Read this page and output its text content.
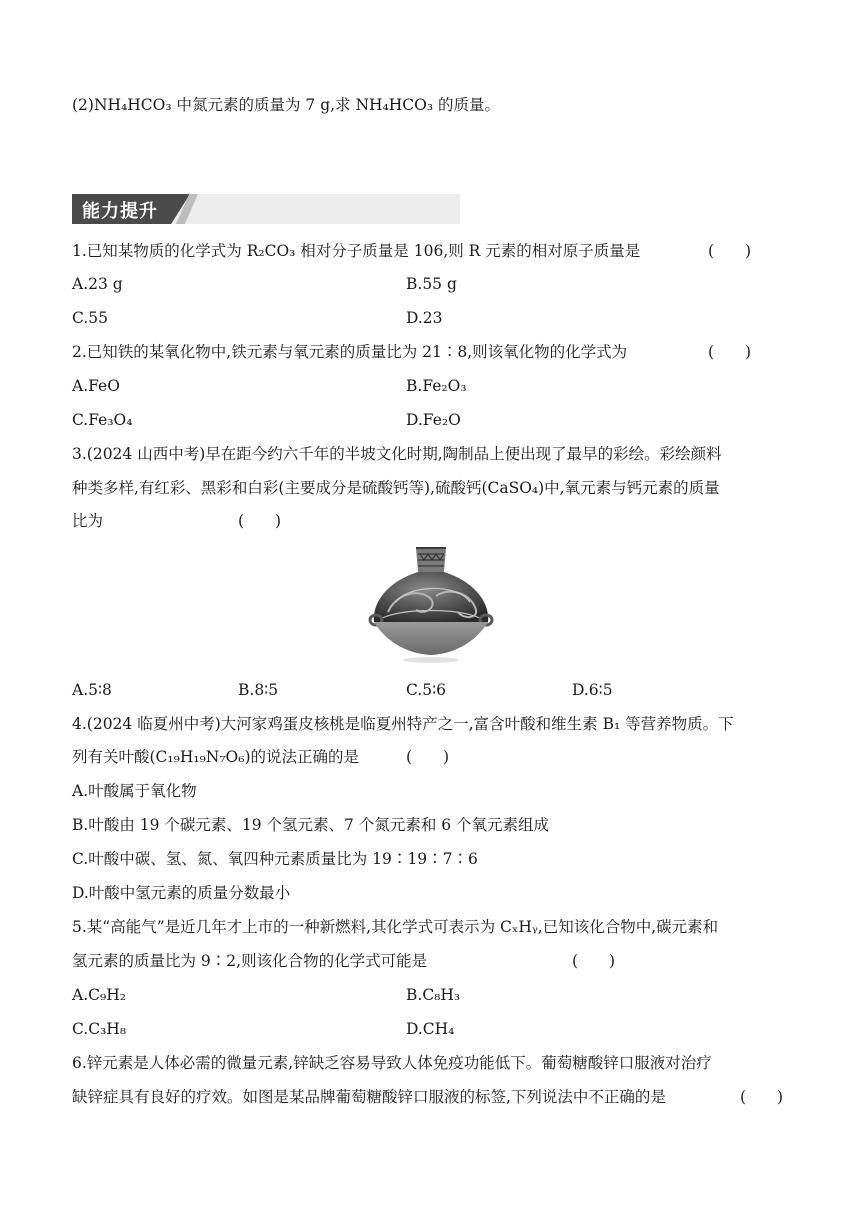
(2)NH₄HCO₃ 中氮元素的质量为 7 g,求 NH₄HCO₃ 的质量。
能力提升
1.已知某物质的化学式为 R₂CO₃ 相对分子质量是 106,则 R 元素的相对原子质量是	(　　)
A.23 g	B.55 g
C.55	D.23
2.已知铁的某氧化物中,铁元素与氧元素的质量比为 21∶8,则该氧化物的化学式为	(　　)
A.FeO	B.Fe₂O₃
C.Fe₃O₄	D.Fe₂O
3.(2024 山西中考)早在距今约六千年的半坡文化时期,陶制品上便出现了最早的彩绘。彩绘颜料
种类多样,有红彩、黑彩和白彩(主要成分是硫酸钙等),硫酸钙(CaSO₄)中,氧元素与钙元素的质量
比为	(　　)
A.5∶8	B.8∶5	C.5∶6	D.6∶5
4.(2024 临夏州中考)大河家鸡蛋皮核桃是临夏州特产之一,富含叶酸和维生素 B₁ 等营养物质。下
列有关叶酸(C₁₉H₁₉N₇O₆)的说法正确的是	(　　)
A.叶酸属于氧化物
B.叶酸由 19 个碳元素、19 个氢元素、7 个氮元素和 6 个氧元素组成
C.叶酸中碳、氢、氮、氧四种元素质量比为 19∶19∶7∶6
D.叶酸中氢元素的质量分数最小
5.某“高能气”是近几年才上市的一种新燃料,其化学式可表示为 CₓHᵧ,已知该化合物中,碳元素和
氢元素的质量比为 9∶2,则该化合物的化学式可能是	(　　)
A.C₉H₂	B.C₈H₃
C.C₃H₈	D.CH₄
6.锌元素是人体必需的微量元素,锌缺乏容易导致人体免疫功能低下。葡萄糖酸锌口服液对治疗
缺锌症具有良好的疗效。如图是某品牌葡萄糖酸锌口服液的标签,下列说法中不正确的是	(　　)
